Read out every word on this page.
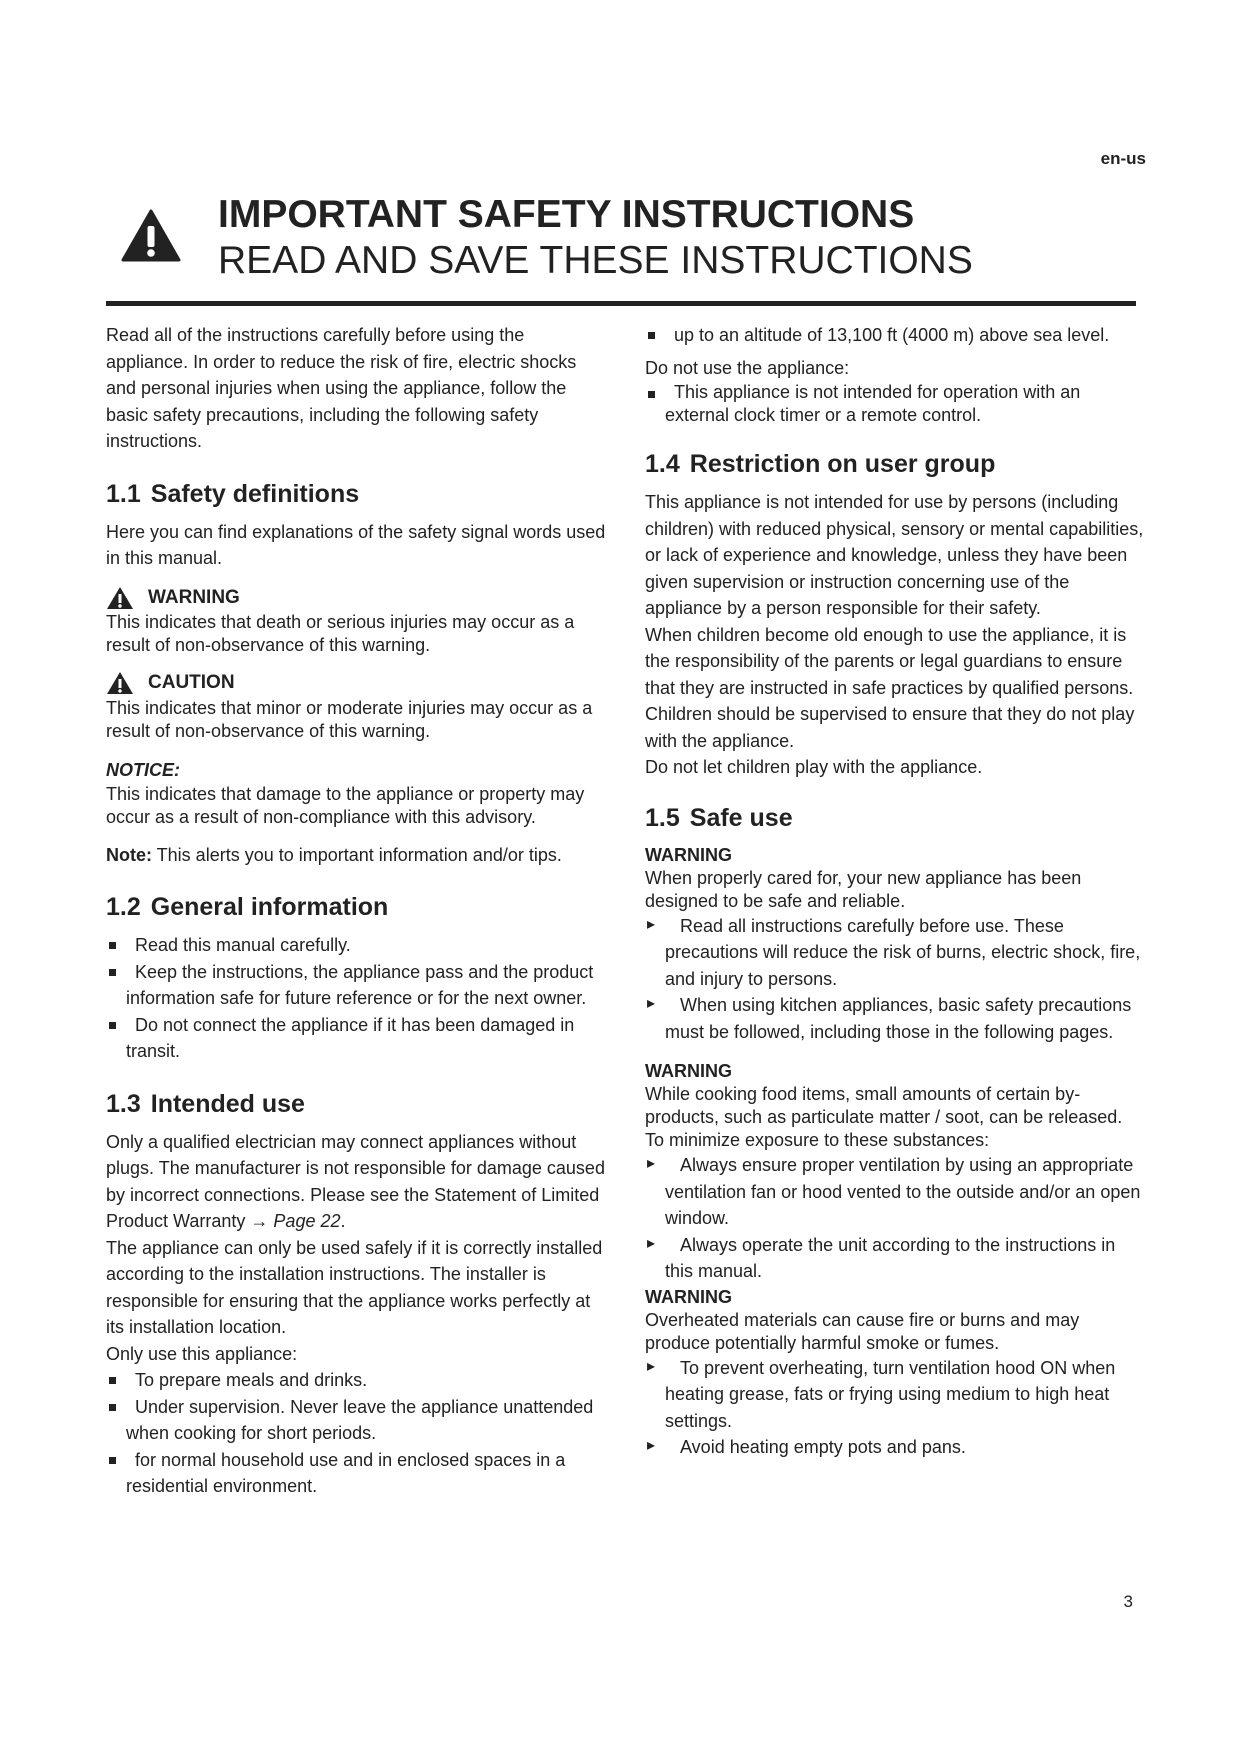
en-us
IMPORTANT SAFETY INSTRUCTIONS
READ AND SAVE THESE INSTRUCTIONS

Read all of the instructions carefully before using the appliance. In order to reduce the risk of fire, electric shocks and personal injuries when using the appliance, follow the basic safety precautions, including the following safety instructions.

1.1 Safety definitions

Here you can find explanations of the safety signal words used in this manual.

WARNING

This indicates that death or serious injuries may occur as a result of non-observance of this warning.

CAUTION

This indicates that minor or moderate injuries may occur as a result of non-observance of this warning.

NOTICE:

This indicates that damage to the appliance or property may occur as a result of non-compliance with this advisory.

Note: This alerts you to important information and/or tips.

1.2 General information
Read this manual carefully.
Keep the instructions, the appliance pass and the product information safe for future reference or for the next owner.
Do not connect the appliance if it has been damaged in transit.
1.3 Intended use

Only a qualified electrician may connect appliances without plugs. The manufacturer is not responsible for damage caused by incorrect connections. Please see the Statement of Limited Product Warranty → Page 22.

The appliance can only be used safely if it is correctly installed according to the installation instructions. The installer is responsible for ensuring that the appliance works perfectly at its installation location.

Only use this appliance:

To prepare meals and drinks.
Under supervision. Never leave the appliance unattended when cooking for short periods.
for normal household use and in enclosed spaces in a residential environment.
up to an altitude of 13,100 ft (4000 m) above sea level.

Do not use the appliance:

This appliance is not intended for operation with an external clock timer or a remote control.
1.4 Restriction on user group

This appliance is not intended for use by persons (including children) with reduced physical, sensory or mental capabilities, or lack of experience and knowledge, unless they have been given supervision or instruction concerning use of the appliance by a person responsible for their safety.

When children become old enough to use the appliance, it is the responsibility of the parents or legal guardians to ensure that they are instructed in safe practices by qualified persons.

Children should be supervised to ensure that they do not play with the appliance.

Do not let children play with the appliance.

1.5 Safe use
WARNING

When properly cared for, your new appliance has been designed to be safe and reliable.

▸ Read all instructions carefully before use. These precautions will reduce the risk of burns, electric shock, fire, and injury to persons.
▸ When using kitchen appliances, basic safety precautions must be followed, including those in the following pages.
WARNING

While cooking food items, small amounts of certain by-products, such as particulate matter / soot, can be released. To minimize exposure to these substances:

▸ Always ensure proper ventilation by using an appropriate ventilation fan or hood vented to the outside and/or an open window.
▸ Always operate the unit according to the instructions in this manual.
WARNING

Overheated materials can cause fire or burns and may produce potentially harmful smoke or fumes.

▸ To prevent overheating, turn ventilation hood ON when heating grease, fats or frying using medium to high heat settings.
▸ Avoid heating empty pots and pans.
3
